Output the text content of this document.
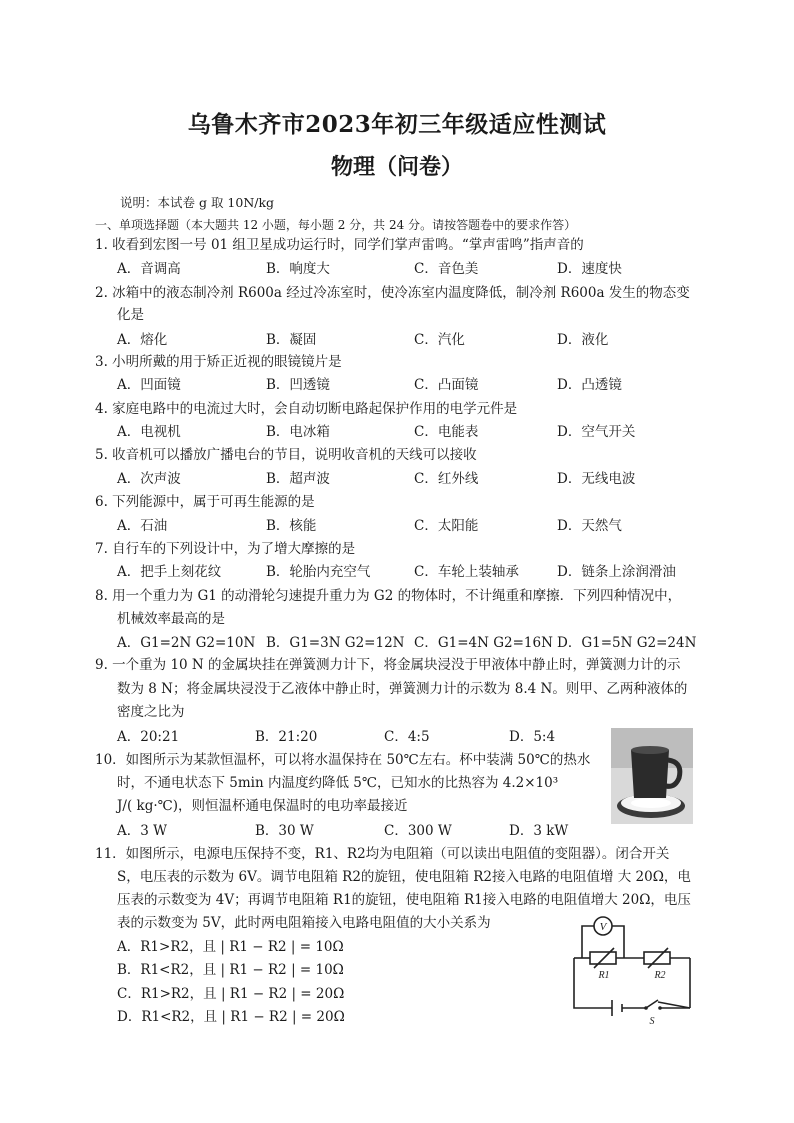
乌鲁木齐市2023年初三年级适应性测试
物理（问卷）
说明：本试卷 g 取 10N/kg
一、单项选择题（本大题共 12 小题，每小题 2 分，共 24 分。请按答题卷中的要求作答）
1. 收看到宏图一号 01 组卫星成功运行时，同学们掌声雷鸣。“掌声雷鸣”指声音的
A．音调高	B．响度大	C．音色美	D．速度快
2. 冰箱中的液态制冷剂 R600a 经过冷冻室时，使冷冻室内温度降低，制冷剂 R600a 发生的物态变
化是
A．熔化	B．凝固	C．汽化	D．液化
3. 小明所戴的用于矫正近视的眼镜镜片是
A．凹面镜	B．凹透镜	C．凸面镜	D．凸透镜
4. 家庭电路中的电流过大时，会自动切断电路起保护作用的电学元件是
A．电视机	B．电冰箱	C．电能表	D．空气开关
5. 收音机可以播放广播电台的节目，说明收音机的天线可以接收
A．次声波	B．超声波	C．红外线	D．无线电波
6. 下列能源中，属于可再生能源的是
A．石油	B．核能	C．太阳能	D．天然气
7. 自行车的下列设计中，为了增大摩擦的是
A．把手上刻花纹	B．轮胎内充空气	C．车轮上装轴承	D．链条上涂润滑油
8. 用一个重力为 G1 的动滑轮匀速提升重力为 G2 的物体时，不计绳重和摩擦．下列四种情况中，
机械效率最高的是
A．G1=2N G2=10N B．G1=3N G2=12N C．G1=4N G2=16N D．G1=5N G2=24N
9. 一个重为 10 N 的金属块挂在弹簧测力计下，将金属块浸没于甲液体中静止时，弹簧测力计的示
数为 8 N；将金属块浸没于乙液体中静止时，弹簧测力计的示数为 8.4 N。则甲、乙两种液体的
密度之比为
A．20:21	B．21:20	C．4:5	D．5:4
10．如图所示为某款恒温杯，可以将水温保持在 50℃左右。杯中装满 50℃的热水
时，不通电状态下 5min 内温度约降低 5℃，已知水的比热容为 4.2×10³
J/( kg·℃)，则恒温杯通电保温时的电功率最接近
A．3 W	B．30 W	C．300 W	D．3 kW
11．如图所示，电源电压保持不变，R1、R2均为电阻箱（可以读出电阻值的变阻器）。闭合开关
S，电压表的示数为 6V。调节电阻箱 R2的旋钮，使电阻箱 R2接入电路的电阻值增 大 20Ω，电
压表的示数变为 4V；再调节电阻箱 R1的旋钮，使电阻箱 R1接入电路的电阻值增大 20Ω，电压
表的示数变为 5V，此时两电阻箱接入电路电阻值的大小关系为
A．R1>R2，且 | R1 − R2 | = 10Ω
B．R1<R2，且 | R1 − R2 | = 10Ω
C．R1>R2，且 | R1 − R2 | = 20Ω
D．R1<R2，且 | R1 − R2 | = 20Ω
V
R1	R2
S
